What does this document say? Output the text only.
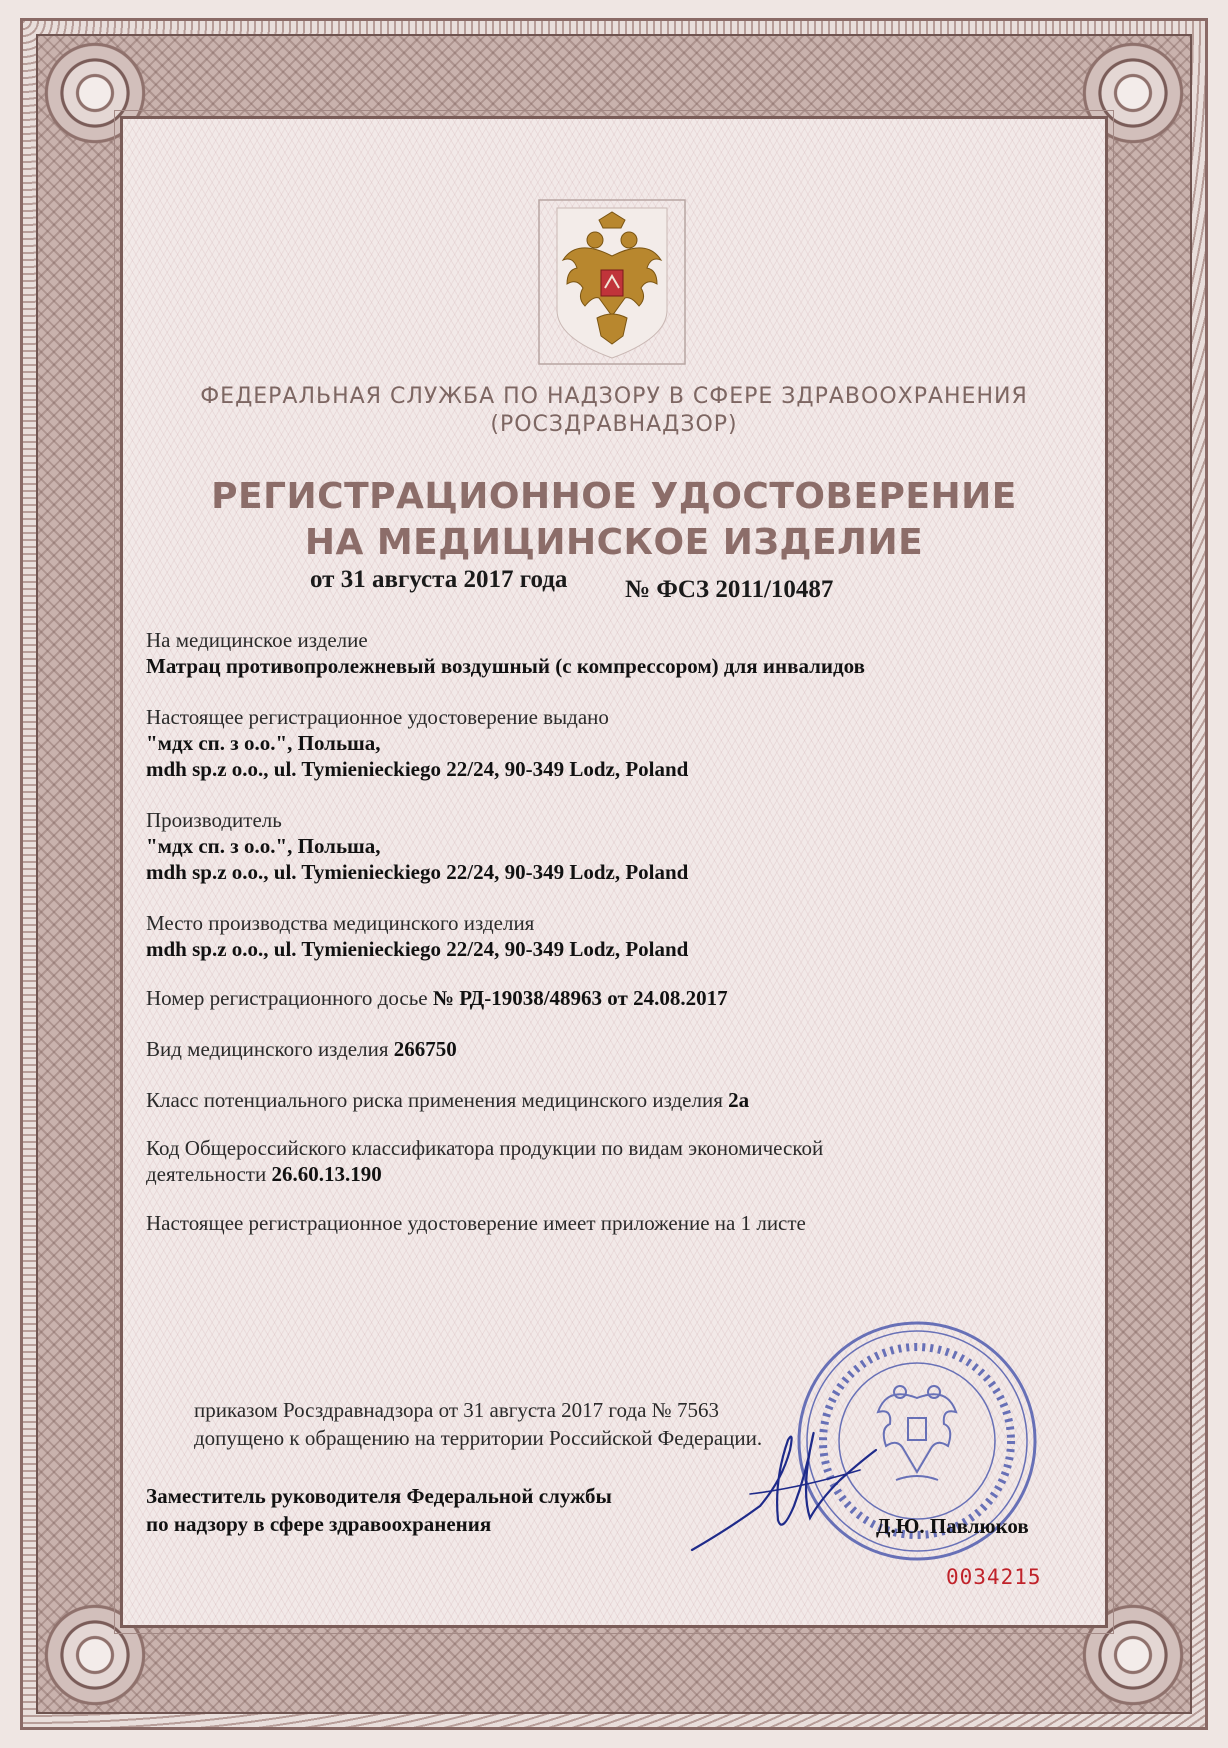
ФЕДЕРАЛЬНАЯ СЛУЖБА ПО НАДЗОРУ В СФЕРЕ ЗДРАВООХРАНЕНИЯ
(РОСЗДРАВНАДЗОР)
РЕГИСТРАЦИОННОЕ УДОСТОВЕРЕНИЕ
НА МЕДИЦИНСКОЕ ИЗДЕЛИЕ
от 31 августа 2017 года № ФСЗ 2011/10487
На медицинское изделие
Матрац противопролежневый воздушный (с компрессором) для инвалидов
Настоящее регистрационное удостоверение выдано
"мдх сп. з о.о.", Польша,
mdh sp.z o.o., ul. Tymienieckiego 22/24, 90-349 Lodz, Poland
Производитель
"мдх сп. з о.о.", Польша,
mdh sp.z o.o., ul. Tymienieckiego 22/24, 90-349 Lodz, Poland
Место производства медицинского изделия
mdh sp.z o.o., ul. Tymienieckiego 22/24, 90-349 Lodz, Poland
Номер регистрационного досье № РД-19038/48963 от 24.08.2017
Вид медицинского изделия 266750
Класс потенциального риска применения медицинского изделия 2а
Код Общероссийского классификатора продукции по видам экономической
деятельности 26.60.13.190
Настоящее регистрационное удостоверение имеет приложение на 1 листе
приказом Росздравнадзора от 31 августа 2017 года № 7563
допущено к обращению на территории Российской Федерации.
Заместитель руководителя Федеральной службы
по надзору в сфере здравоохранения	Д.Ю. Павлюков
0034215
